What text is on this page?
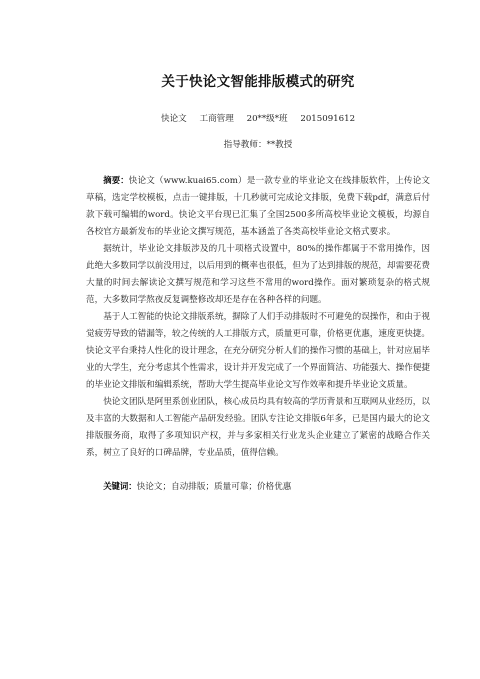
关于快论文智能排版模式的研究
快论文 工商管理 20**级*班 2015091612
指导教师：**教授

摘要：快论文（www.kuai65.com）是一款专业的毕业论文在线排版软件，上传论文草稿，选定学校模板，点击一键排版，十几秒就可完成论文排版，免费下载pdf，满意后付款下载可编辑的word。快论文平台现已汇集了全国2500多所高校毕业论文模板，均源自各校官方最新发布的毕业论文撰写规范，基本涵盖了各类高校毕业论文格式要求。

据统计，毕业论文排版涉及的几十项格式设置中，80%的操作都属于不常用操作，因此绝大多数同学以前没用过，以后用到的概率也很低，但为了达到排版的规范，却需要花费大量的时间去解读论文撰写规范和学习这些不常用的word操作。面对繁琐复杂的格式规范，大多数同学熬夜反复调整修改却还是存在各种各样的问题。

基于人工智能的快论文排版系统，摒除了人们手动排版时不可避免的误操作，和由于视觉疲劳导致的错漏等，较之传统的人工排版方式，质量更可靠，价格更优惠，速度更快捷。快论文平台秉持人性化的设计理念，在充分研究分析人们的操作习惯的基础上，针对应届毕业的大学生，充分考虑其个性需求，设计并开发完成了一个界面简洁、功能强大、操作便捷的毕业论文排版和编辑系统，帮助大学生提高毕业论文写作效率和提升毕业论文质量。

快论文团队是阿里系创业团队，核心成员均具有较高的学历背景和互联网从业经历，以及丰富的大数据和人工智能产品研发经验。团队专注论文排版6年多，已是国内最大的论文排版服务商，取得了多项知识产权，并与多家相关行业龙头企业建立了紧密的战略合作关系，树立了良好的口碑品牌，专业品质，值得信赖。

关键词：快论文；自动排版；质量可靠；价格优惠
